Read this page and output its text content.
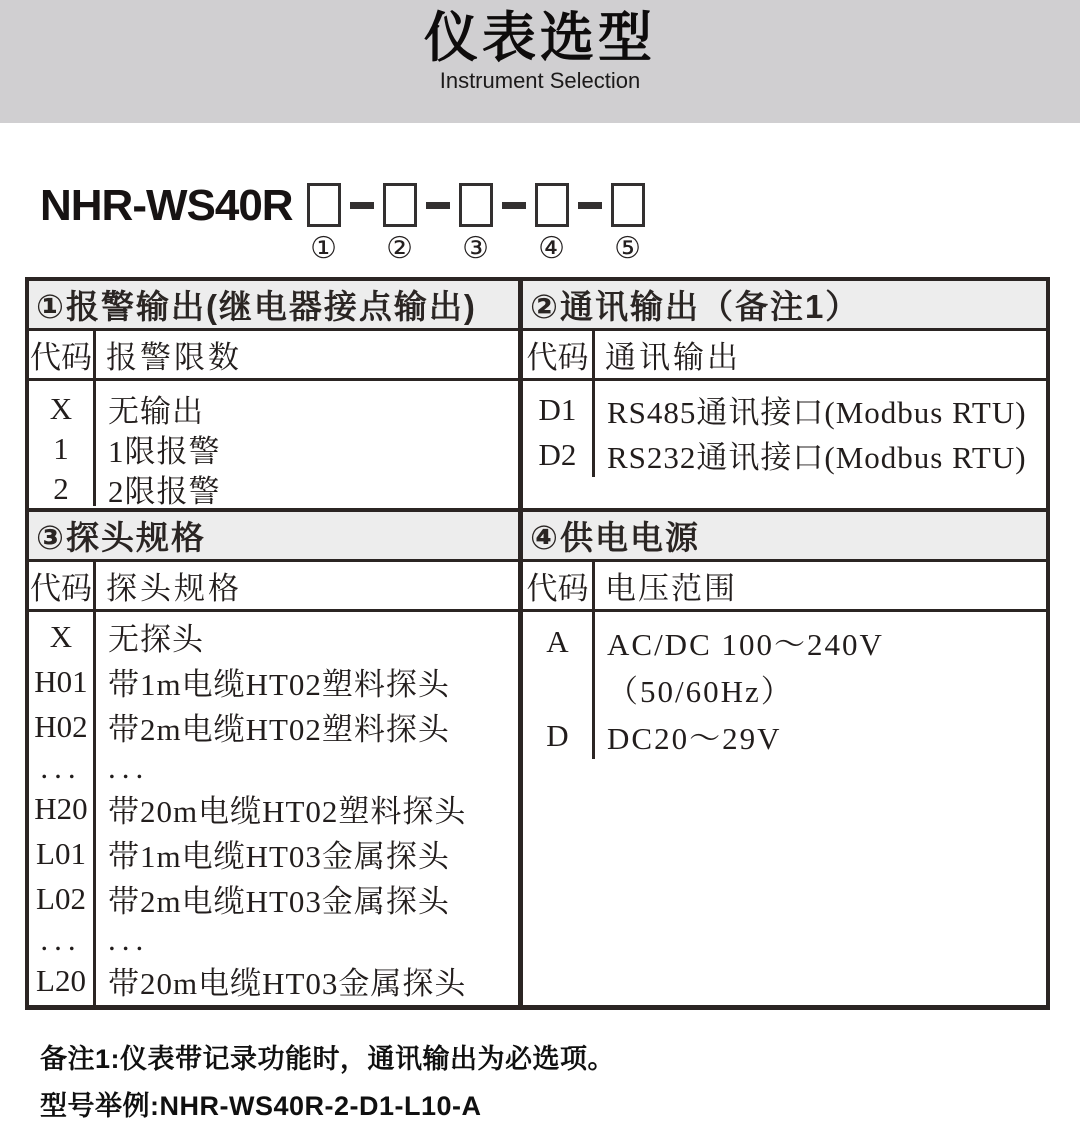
仪表选型
Instrument Selection
NHR-WS40R
① ② ③ ④ ⑤
①报警输出(继电器接点输出)
代码 报警限数
X	无输出
1	1限报警
2	2限报警
③探头规格
代码 探头规格
X	无探头
H01 带1m电缆HT02塑料探头
H02 带2m电缆HT02塑料探头
... ...
H20 带20m电缆HT02塑料探头
L01 带1m电缆HT03金属探头
L02 带2m电缆HT03金属探头
... ...
L20 带20m电缆HT03金属探头
②通讯输出（备注1）
代码 通讯输出
D1 RS485通讯接口(Modbus RTU)
D2 RS232通讯接口(Modbus RTU)
④供电电源
代码 电压范围
A	AC/DC 100～240V
（50/60Hz）
D	DC20～29V
备注1:仪表带记录功能时，通讯输出为必选项。
型号举例:NHR-WS40R-2-D1-L10-A
